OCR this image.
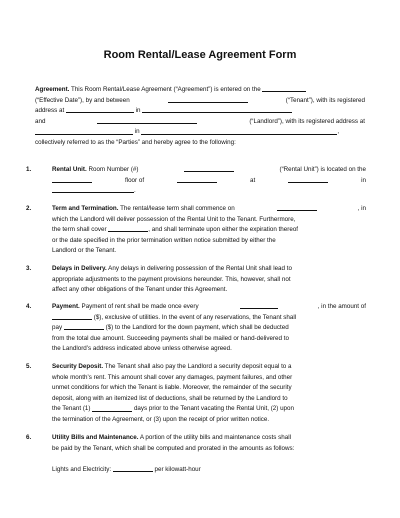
Room Rental/Lease Agreement Form
Agreement. This Room Rental/Lease Agreement (“Agreement”) is entered on the
(“Effective Date”), by and between	(“Tenant”), with its registered
address at	in
and	(“Landlord”), with its registered address at
in	,
collectively referred to as the “Parties” and hereby agree to the following:
1.	Rental Unit. Room Number (#)	(“Rental Unit”) is located on the
floor of	at	in
.
2.	Term and Termination. The rental/lease term shall commence on	, in
which the Landlord will deliver possession of the Rental Unit to the Tenant. Furthermore,
the term shall cover	, and shall terminate upon either the expiration thereof
or the date specified in the prior termination written notice submitted by either the
Landlord or the Tenant.
3.	Delays in Delivery. Any delays in delivering possession of the Rental Unit shall lead to
appropriate adjustments to the payment provisions hereunder. This, however, shall not
affect any other obligations of the Tenant under this Agreement.
4.	Payment. Payment of rent shall be made once every	, in the amount of
($), exclusive of utilities. In the event of any reservations, the Tenant shall
pay	($) to the Landlord for the down payment, which shall be deducted
from the total due amount. Succeeding payments shall be mailed or hand-delivered to
the Landlord’s address indicated above unless otherwise agreed.
5.	Security Deposit. The Tenant shall also pay the Landlord a security deposit equal to a
whole month’s rent. This amount shall cover any damages, payment failures, and other
unmet conditions for which the Tenant is liable. Moreover, the remainder of the security
deposit, along with an itemized list of deductions, shall be returned by the Landlord to
the Tenant (1)	days prior to the Tenant vacating the Rental Unit, (2) upon
the termination of the Agreement, or (3) upon the receipt of prior written notice.
6.	Utility Bills and Maintenance. A portion of the utility bills and maintenance costs shall
be paid by the Tenant, which shall be computed and prorated in the amounts as follows:

Lights and Electricity:	per kilowatt-hour
